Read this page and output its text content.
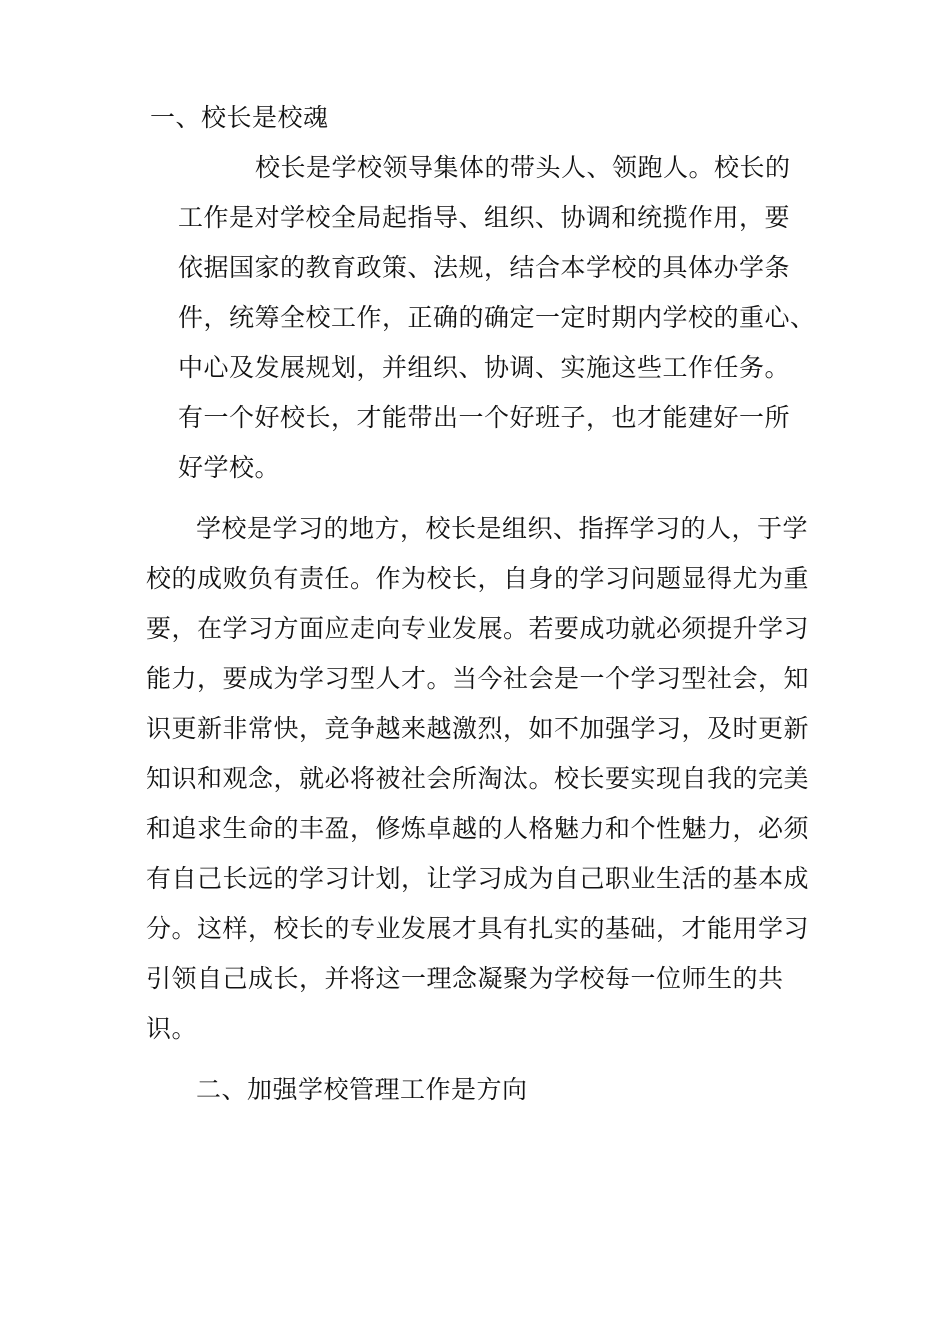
一、校长是校魂
校长是学校领导集体的带头人、领跑人。校长的
工作是对学校全局起指导、组织、协调和统揽作用，要
依据国家的教育政策、法规，结合本学校的具体办学条
件，统筹全校工作，正确的确定一定时期内学校的重心、
中心及发展规划，并组织、协调、实施这些工作任务。
有一个好校长，才能带出一个好班子，也才能建好一所
好学校。
学校是学习的地方，校长是组织、指挥学习的人，于学
校的成败负有责任。作为校长，自身的学习问题显得尤为重
要，在学习方面应走向专业发展。若要成功就必须提升学习
能力，要成为学习型人才。当今社会是一个学习型社会，知
识更新非常快，竞争越来越激烈，如不加强学习，及时更新
知识和观念，就必将被社会所淘汰。校长要实现自我的完美
和追求生命的丰盈，修炼卓越的人格魅力和个性魅力，必须
有自己长远的学习计划，让学习成为自己职业生活的基本成
分。这样，校长的专业发展才具有扎实的基础，才能用学习
引领自己成长，并将这一理念凝聚为学校每一位师生的共
识。
二、加强学校管理工作是方向
